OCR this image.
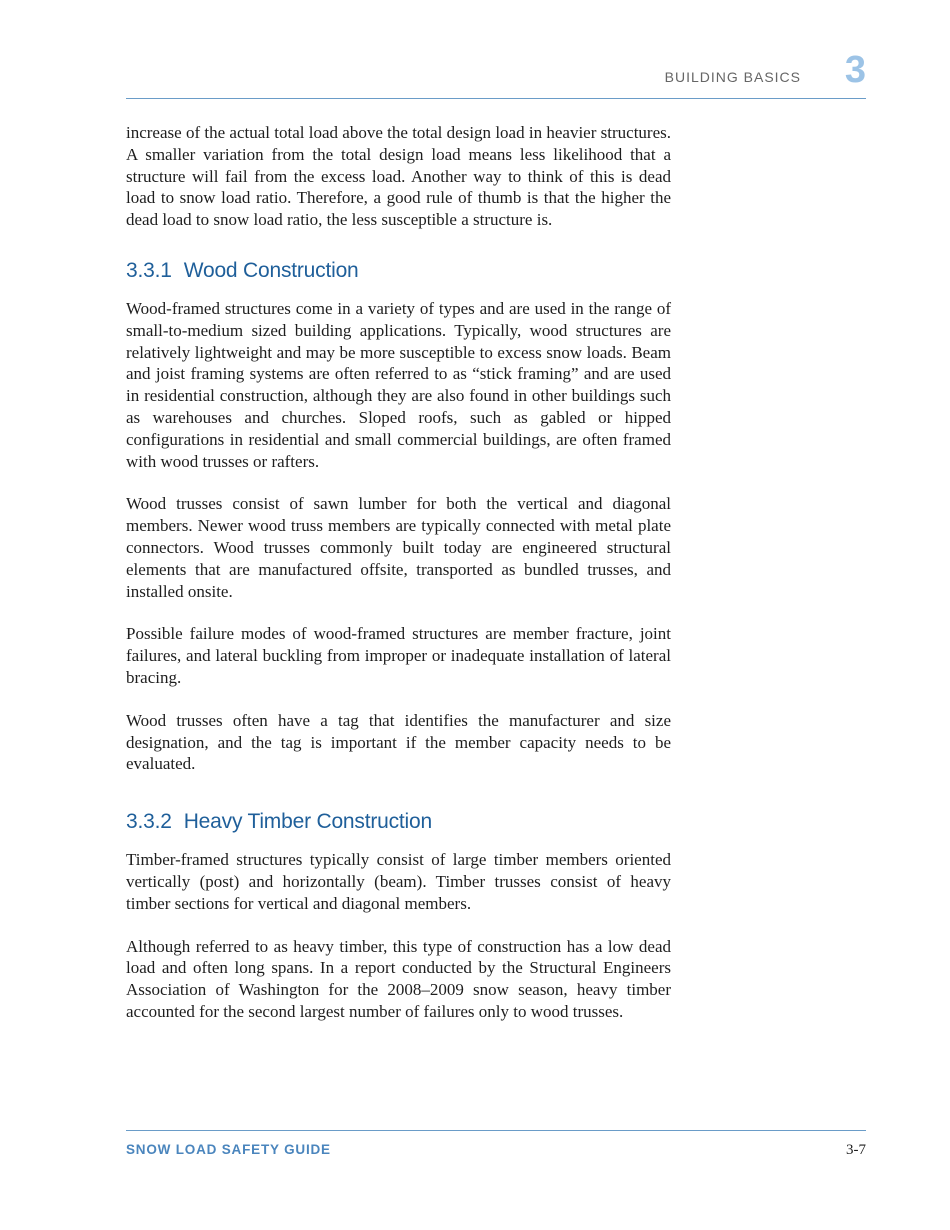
BUILDING BASICS 3

increase of the actual total load above the total design load in heavier structures. A smaller variation from the total design load means less likelihood that a structure will fail from the excess load. Another way to think of this is dead load to snow load ratio. Therefore, a good rule of thumb is that the higher the dead load to snow load ratio, the less susceptible a structure is.

3.3.1 Wood Construction

Wood-framed structures come in a variety of types and are used in the range of small-to-medium sized building applications. Typically, wood structures are relatively lightweight and may be more susceptible to excess snow loads. Beam and joist framing systems are often referred to as “stick framing” and are used in residential construction, although they are also found in other buildings such as warehouses and churches. Sloped roofs, such as gabled or hipped configurations in residential and small commercial buildings, are often framed with wood trusses or rafters.

Wood trusses consist of sawn lumber for both the vertical and diagonal members. Newer wood truss members are typically connected with metal plate connectors. Wood trusses commonly built today are engineered structural elements that are manufactured offsite, transported as bundled trusses, and installed onsite.

Possible failure modes of wood-framed structures are member fracture, joint failures, and lateral buckling from improper or inadequate installation of lateral bracing.

Wood trusses often have a tag that identifies the manufacturer and size designation, and the tag is important if the member capacity needs to be evaluated.

3.3.2 Heavy Timber Construction

Timber-framed structures typically consist of large timber members oriented vertically (post) and horizontally (beam). Timber trusses consist of heavy timber sections for vertical and diagonal members.

Although referred to as heavy timber, this type of construction has a low dead load and often long spans. In a report conducted by the Structural Engineers Association of Washington for the 2008–2009 snow season, heavy timber accounted for the second largest number of failures only to wood trusses.

SNOW LOAD SAFETY GUIDE	3-7
